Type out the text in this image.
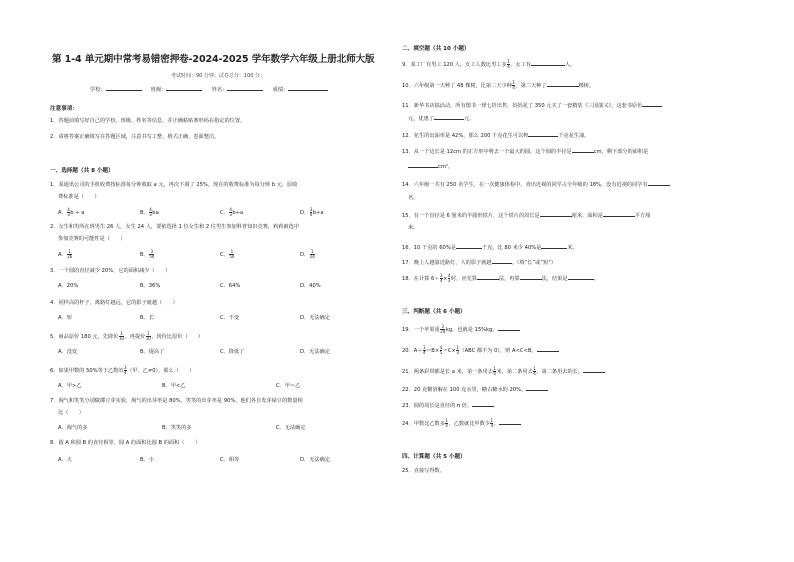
第 1-4 单元期中常考易错密押卷-2024-2025 学年数学六年级上册北师大版
考试时间：90 分钟；试卷总分：100 分；
学校：	班级：	姓名：	成绩：
注意事项：
1．答题前填写好自己的学校、班级、姓名等信息，并正确粘贴条形码在指定的位置。
2．请将答案正确填写在答题区域，注意书写工整，格式正确，卷面整洁。
一、选择题（共 8 小题）
1．某通讯公司的手机收费按标准每分钟收取 a 元，再次下调了 25%，现在的收费标准为每分钟 b 元，原收
费标准是（　　）
A． $\frac{4}{3}$ b ÷ a	B． $\frac{4}{3}$ ba	C． $\frac{4}{3} b\div a$	D． $\frac{3}{4} b\div a$
2．女生和男所在班男生 26 人，女生 24 人，要依选择 1 位女生和 2 位男生参加科普知识竞赛，莉莉被选中
参加竞赛的可能性是（　　）
A． $\frac{1}{26}$	B． $\frac{3}{50}$	C． $\frac{1}{50}$	D． $\frac{1}{24}$
3．一个圆的直径减少 20%，它的面积减少（　　）
A．20%	B．36%	C．64%	D．40%
4．同样高的杆子，离路灯越远，它的影子就越（　　）
A．短	B．长	C．不变	D．无法确定
5．商品原价 180 元，先降价 $\frac{1}{10}$ ，再提价 $\frac{1}{10}$ ，现价比原价（　　）
A．没变	B．提高了	C．降低了	D．无法确定
6．如果甲数的 50%等于乙数的 $\frac{3}{4}$ （甲、乙≠0），那么（　　）
A．甲>乙	B．甲<乙	C．甲＝乙
7．淘气和笑笑分别做掷豆芽实验，淘气的出芽率是 80%，笑笑的出芽率是 90%，他们各自发芽绿豆的数量相
比（　　）
A．淘气的多	B．笑笑的多	C．无法确定
8．圆 A 和圆 B 的直径相等，圆 A 的面积比圆 B 的面积（　　）
A．大	B．小	C．相等	D．无法确定
二、填空题（共 10 小题）
9．某工厂有男工 120 人，女工人数比男工多 $\frac{1}{4}$ ，女工有	人。
10．六年级第一天种了 48 棵树，比第二天少种 $\frac{1}{4}$ ，第二天种了	棵树。
11．新华书店搞活动，所有图书一律七折出售，妈妈花了 350 元买了一套精装《三国演义》，这套书原价
元，优惠了	元。
12．花生的出油率是 42%，那么 200 千克花生可以榨	千克花生油。
13．从一个边长是 12cm 的正方形中剪去一个最大的圆，这个圆的半径是	cm，剩下部分的面积是
cm²。
14．六年级一共有 250 名学生，在一次健康体检中，查出近视的同学占全年级的 18%，没有近视的同学有
名。
15．有一个直径是 6 厘米的半圆形铁片，这个铁片的周长是	厘米，面积是	平方厘
米。
16．10 千克的 60%是	千克，比 80 米少 40%是	米。
17．晚上人越靠近路灯，人的影子就越	。（填“长”或“短”）
18．在计算 $6+ \frac{3}{4} \times \frac{4}{3}$ 时，应先算	法，再算	法，结果是	。
三、判断题（共 6 小题）
19．一个苹果重 $\frac{3}{20}$ kg，也就是 15%kg。
20．$A+ \frac{1}{4} =B\times \frac{4}{5} =C\times \frac{1}{3} (ABC$ 都不为 0），则 A<C<B。
21．两条彩带都是长 a 米，第一条用去 $\frac{1}{4}$ 米，第二条用去 $\frac{1}{4}$ ，第二条用去的长。
22．20 克糖溶解在 100 克水里，糖占糖水的 20%。
23．圆的周长是直径的 π 倍。
24．甲数比乙数多 $\frac{1}{4}$ ，乙数就比甲数少 $\frac{1}{4}$ 。
四、计算题（共 5 小题）
25．直接写得数。
